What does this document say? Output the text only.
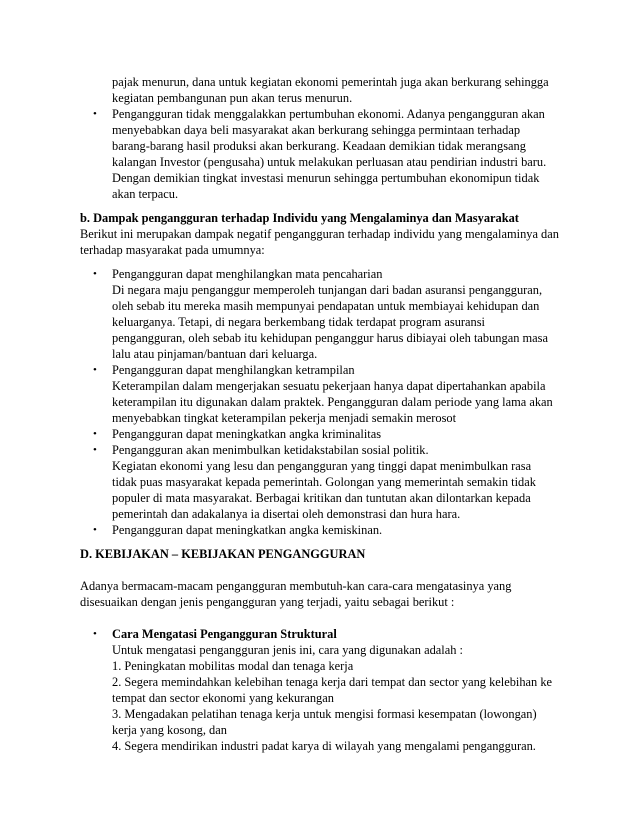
pajak menurun, dana untuk kegiatan ekonomi pemerintah juga akan berkurang sehingga
kegiatan pembangunan pun akan terus menurun.
• Pengangguran tidak menggalakkan pertumbuhan ekonomi. Adanya pengangguran akan
menyebabkan daya beli masyarakat akan berkurang sehingga permintaan terhadap
barang-barang hasil produksi akan berkurang. Keadaan demikian tidak merangsang
kalangan Investor (pengusaha) untuk melakukan perluasan atau pendirian industri baru.
Dengan demikian tingkat investasi menurun sehingga pertumbuhan ekonomipun tidak
akan terpacu.
b. Dampak pengangguran terhadap Individu yang Mengalaminya dan Masyarakat
Berikut ini merupakan dampak negatif pengangguran terhadap individu yang mengalaminya dan
terhadap masyarakat pada umumnya:
• Pengangguran dapat menghilangkan mata pencaharian
Di negara maju penganggur memperoleh tunjangan dari badan asuransi pengangguran,
oleh sebab itu mereka masih mempunyai pendapatan untuk membiayai kehidupan dan
keluarganya. Tetapi, di negara berkembang tidak terdapat program asuransi
pengangguran, oleh sebab itu kehidupan penganggur harus dibiayai oleh tabungan masa
lalu atau pinjaman/bantuan dari keluarga.
• Pengangguran dapat menghilangkan ketrampilan
Keterampilan dalam mengerjakan sesuatu pekerjaan hanya dapat dipertahankan apabila
keterampilan itu digunakan dalam praktek. Pengangguran dalam periode yang lama akan
menyebabkan tingkat keterampilan pekerja menjadi semakin merosot
• Pengangguran dapat meningkatkan angka kriminalitas
• Pengangguran akan menimbulkan ketidakstabilan sosial politik.
Kegiatan ekonomi yang lesu dan pengangguran yang tinggi dapat menimbulkan rasa
tidak puas masyarakat kepada pemerintah. Golongan yang memerintah semakin tidak
populer di mata masyarakat. Berbagai kritikan dan tuntutan akan dilontarkan kepada
pemerintah dan adakalanya ia disertai oleh demonstrasi dan hura hara.
• Pengangguran dapat meningkatkan angka kemiskinan.
D. KEBIJAKAN – KEBIJAKAN PENGANGGURAN
Adanya bermacam-macam pengangguran membutuh-kan cara-cara mengatasinya yang
disesuaikan dengan jenis pengangguran yang terjadi, yaitu sebagai berikut :
• Cara Mengatasi Pengangguran Struktural
Untuk mengatasi pengangguran jenis ini, cara yang digunakan adalah :
1. Peningkatan mobilitas modal dan tenaga kerja
2. Segera memindahkan kelebihan tenaga kerja dari tempat dan sector yang kelebihan ke
tempat dan sector ekonomi yang kekurangan
3. Mengadakan pelatihan tenaga kerja untuk mengisi formasi kesempatan (lowongan)
kerja yang kosong, dan
4. Segera mendirikan industri padat karya di wilayah yang mengalami pengangguran.
